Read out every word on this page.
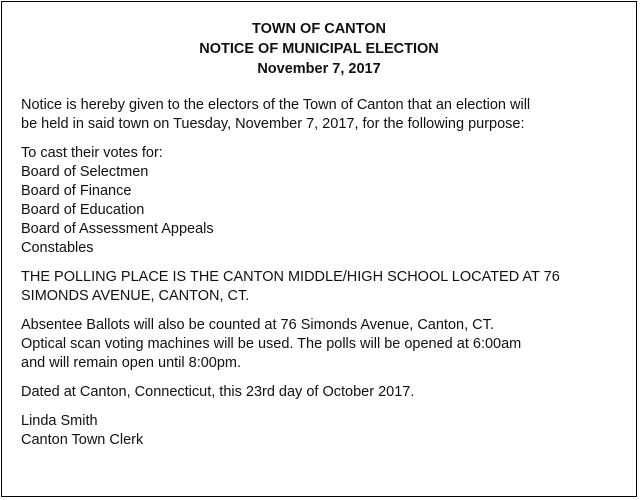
TOWN OF CANTON
NOTICE OF MUNICIPAL ELECTION
November 7, 2017
Notice is hereby given to the electors of the Town of Canton that an election will
be held in said town on Tuesday, November 7, 2017, for the following purpose:
To cast their votes for:
Board of Selectmen
Board of Finance
Board of Education
Board of Assessment Appeals
Constables
THE POLLING PLACE IS THE CANTON MIDDLE/HIGH SCHOOL LOCATED AT 76
SIMONDS AVENUE, CANTON, CT.
Absentee Ballots will also be counted at 76 Simonds Avenue, Canton, CT.
Optical scan voting machines will be used. The polls will be opened at 6:00am
and will remain open until 8:00pm.
Dated at Canton, Connecticut, this 23rd day of October 2017.
Linda Smith
Canton Town Clerk
